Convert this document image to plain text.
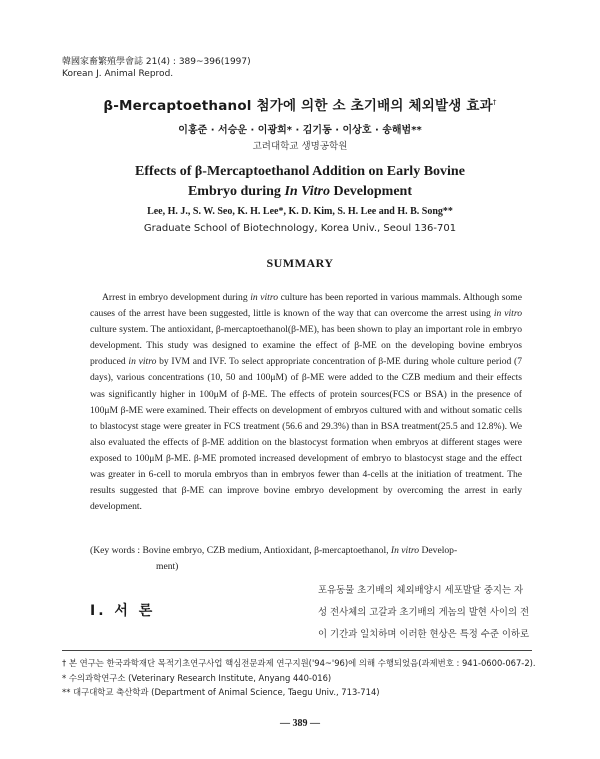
韓國家畜繁殖學會誌 21(4) : 389~396(1997)
Korean J. Animal Reprod.
β-Mercaptoethanol 첨가에 의한 소 초기배의 체외발생 효과†
이홍준 · 서승운 · 이광희* · 김기동 · 이상호 · 송해범**
고려대학교 생명공학원
Effects of β-Mercaptoethanol Addition on Early Bovine
Embryo during In Vitro Development
Lee, H. J., S. W. Seo, K. H. Lee*, K. D. Kim, S. H. Lee and H. B. Song**
Graduate School of Biotechnology, Korea Univ., Seoul 136-701
SUMMARY

Arrest in embryo development during in vitro culture has been reported in various mammals. Although some causes of the arrest have been suggested, little is known of the way that can overcome the arrest using in vitro culture system. The antioxidant, β-mercaptoethanol(β-ME), has been shown to play an important role in embryo development. This study was designed to examine the effect of β-ME on the developing bovine embryos produced in vitro by IVM and IVF. To select appropriate concentration of β-ME during whole culture period (7 days), various concentrations (10, 50 and 100μM) of β-ME were added to the CZB medium and their effects was significantly higher in 100μM of β-ME. The effects of protein sources(FCS or BSA) in the presence of 100μM β-ME were examined. Their effects on development of embryos cultured with and without somatic cells to blastocyst stage were greater in FCS treatment (56.6 and 29.3%) than in BSA treatment(25.5 and 12.8%). We also evaluated the effects of β-ME addition on the blastocyst formation when embryos at different stages were exposed to 100μM β-ME. β-ME promoted increased development of embryo to blastocyst stage and the effect was greater in 6-cell to morula embryos than in embryos fewer than 4-cells at the initiation of treatment. The results suggested that β-ME can improve bovine embryo development by overcoming the arrest in early development.

(Key words : Bovine embryo, CZB medium, Antioxidant, β-mercaptoethanol, In vitro Develop-
ment)
Ⅰ. 서 론
포유동물 초기배의 체외배양시 세포발달 중지는 자
성 전사체의 고갈과 초기배의 게놈의 발현 사이의 전
이 기간과 일치하며 이러한 현상은 특정 수준 이하로
† 본 연구는 한국과학재단 목적기초연구사업 핵심전문과제 연구지원('94~'96)에 의해 수행되었음(과제번호 : 941-0600-067-2).
* 수의과학연구소 (Veterinary Research Institute, Anyang 440-016)
** 대구대학교 축산학과 (Department of Animal Science, Taegu Univ., 713-714)
— 389 —
